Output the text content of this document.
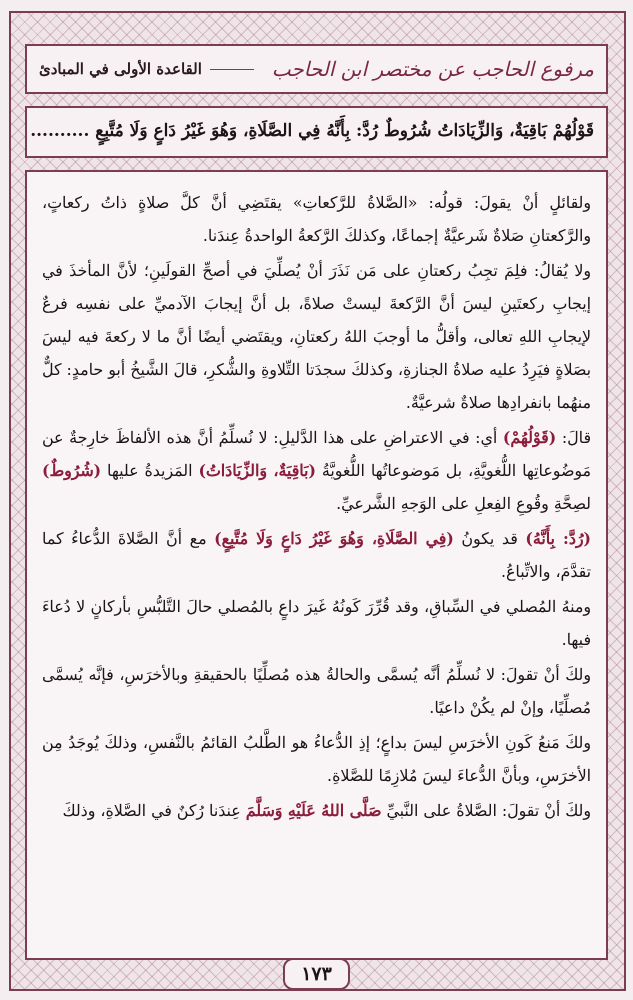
مرفوع الحاجب عن مختصر ابن الحاجب
القاعدة الأولى في المبادئ
قَوْلُهُمْ بَاقِيَةٌ، وَالزِّيَادَاتُ شُرُوطٌ رُدَّ: بِأَنَّهُ فِي الصَّلَاةِ، وَهُوَ غَيْرُ دَاعٍ وَلَا مُتَّبِعٍ ..........

ولقائلٍ أنْ يقولَ: قولُه: «الصَّلاةُ للرَّكعاتِ» يقتَضِي أنَّ كلَّ صلاةٍ ذاتُ ركعاتٍ، والرَّكعتانِ صَلاةٌ شَرعيَّةٌ إجماعًا، وكذلكَ الرَّكعةُ الواحدةُ عِندَنا.

ولا يُقالُ: فلِمَ تجِبُ ركعتانِ على مَن نَذَرَ أنْ يُصلِّيَ في أصحِّ القولَينِ؛ لأنَّ المأخذَ في إيجابِ ركعتَينِ ليسَ أنَّ الرَّكعةَ ليستْ صلاةً، بل أنَّ إيجابَ الآدميِّ على نفسِه فرعٌ لإيجابِ اللهِ تعالى، وأقلُّ ما أوجبَ اللهُ ركعتانِ، ويقتَضي أيضًا أنَّ ما لا ركعةَ فيه ليسَ بصَلاةٍ فيَرِدُ عليه صلاةُ الجنازةِ، وكذلكَ سجدَتا التِّلاوةِ والشُّكرِ، قالَ الشَّيخُ أبو حامدٍ: كلٌّ منهُما بانفرادِها صلاةٌ شرعيَّةٌ.

قالَ: (قَوْلُهُمْ) أي: في الاعتراضِ على هذا الدَّليلِ: لا نُسلِّمُ أنَّ هذه الألفاظَ خارِجةٌ عن مَوضُوعاتِها اللُّغويَّةِ، بل مَوضوعاتُها اللُّغويَّةُ (بَاقِيَةٌ، وَالزِّيَادَاتُ) المَزيدةُ عليها (شُرُوطٌ) لصِحَّةِ وقُوعِ الفِعلِ على الوَجهِ الشَّرعيِّ.

(رُدَّ: بِأَنَّهُ) قد يكونُ (فِي الصَّلَاةِ، وَهُوَ غَيْرُ دَاعٍ وَلَا مُتَّبِعٍ) مع أنَّ الصَّلاةَ الدُّعاءُ كما تقدَّمَ، والاتِّباعُ.

ومنهُ المُصلي في السِّباقِ، وقد قُرِّرَ كَونُهُ غَيرَ داعٍ بالمُصلي حالَ التَّلبُّسِ بأركانٍ لا دُعاءَ فيها.

ولكَ أنْ تقولَ: لا نُسلِّمُ أنَّه يُسمَّى والحالةُ هذه مُصلِّيًا بالحقيقةِ وبالأخرَسِ، فإنَّه يُسمَّى مُصلِّيًا، وإنْ لم يكُنْ داعيًا.

ولكَ مَنعُ كَونِ الأخرَسِ ليسَ بداعٍ؛ إذِ الدُّعاءُ هو الطَّلبُ القائمُ بالنَّفسِ، وذلكَ يُوجَدُ مِن الأخرَسِ، وبأنَّ الدُّعاءَ ليسَ مُلازِمًا للصَّلاةِ.

ولكَ أنْ تقولَ: الصَّلاةُ على النَّبيِّ صَلَّى اللهُ عَلَيْهِ وَسَلَّمَ عِندَنا رُكنٌ في الصَّلاةِ، وذلكَ

١٧٣
